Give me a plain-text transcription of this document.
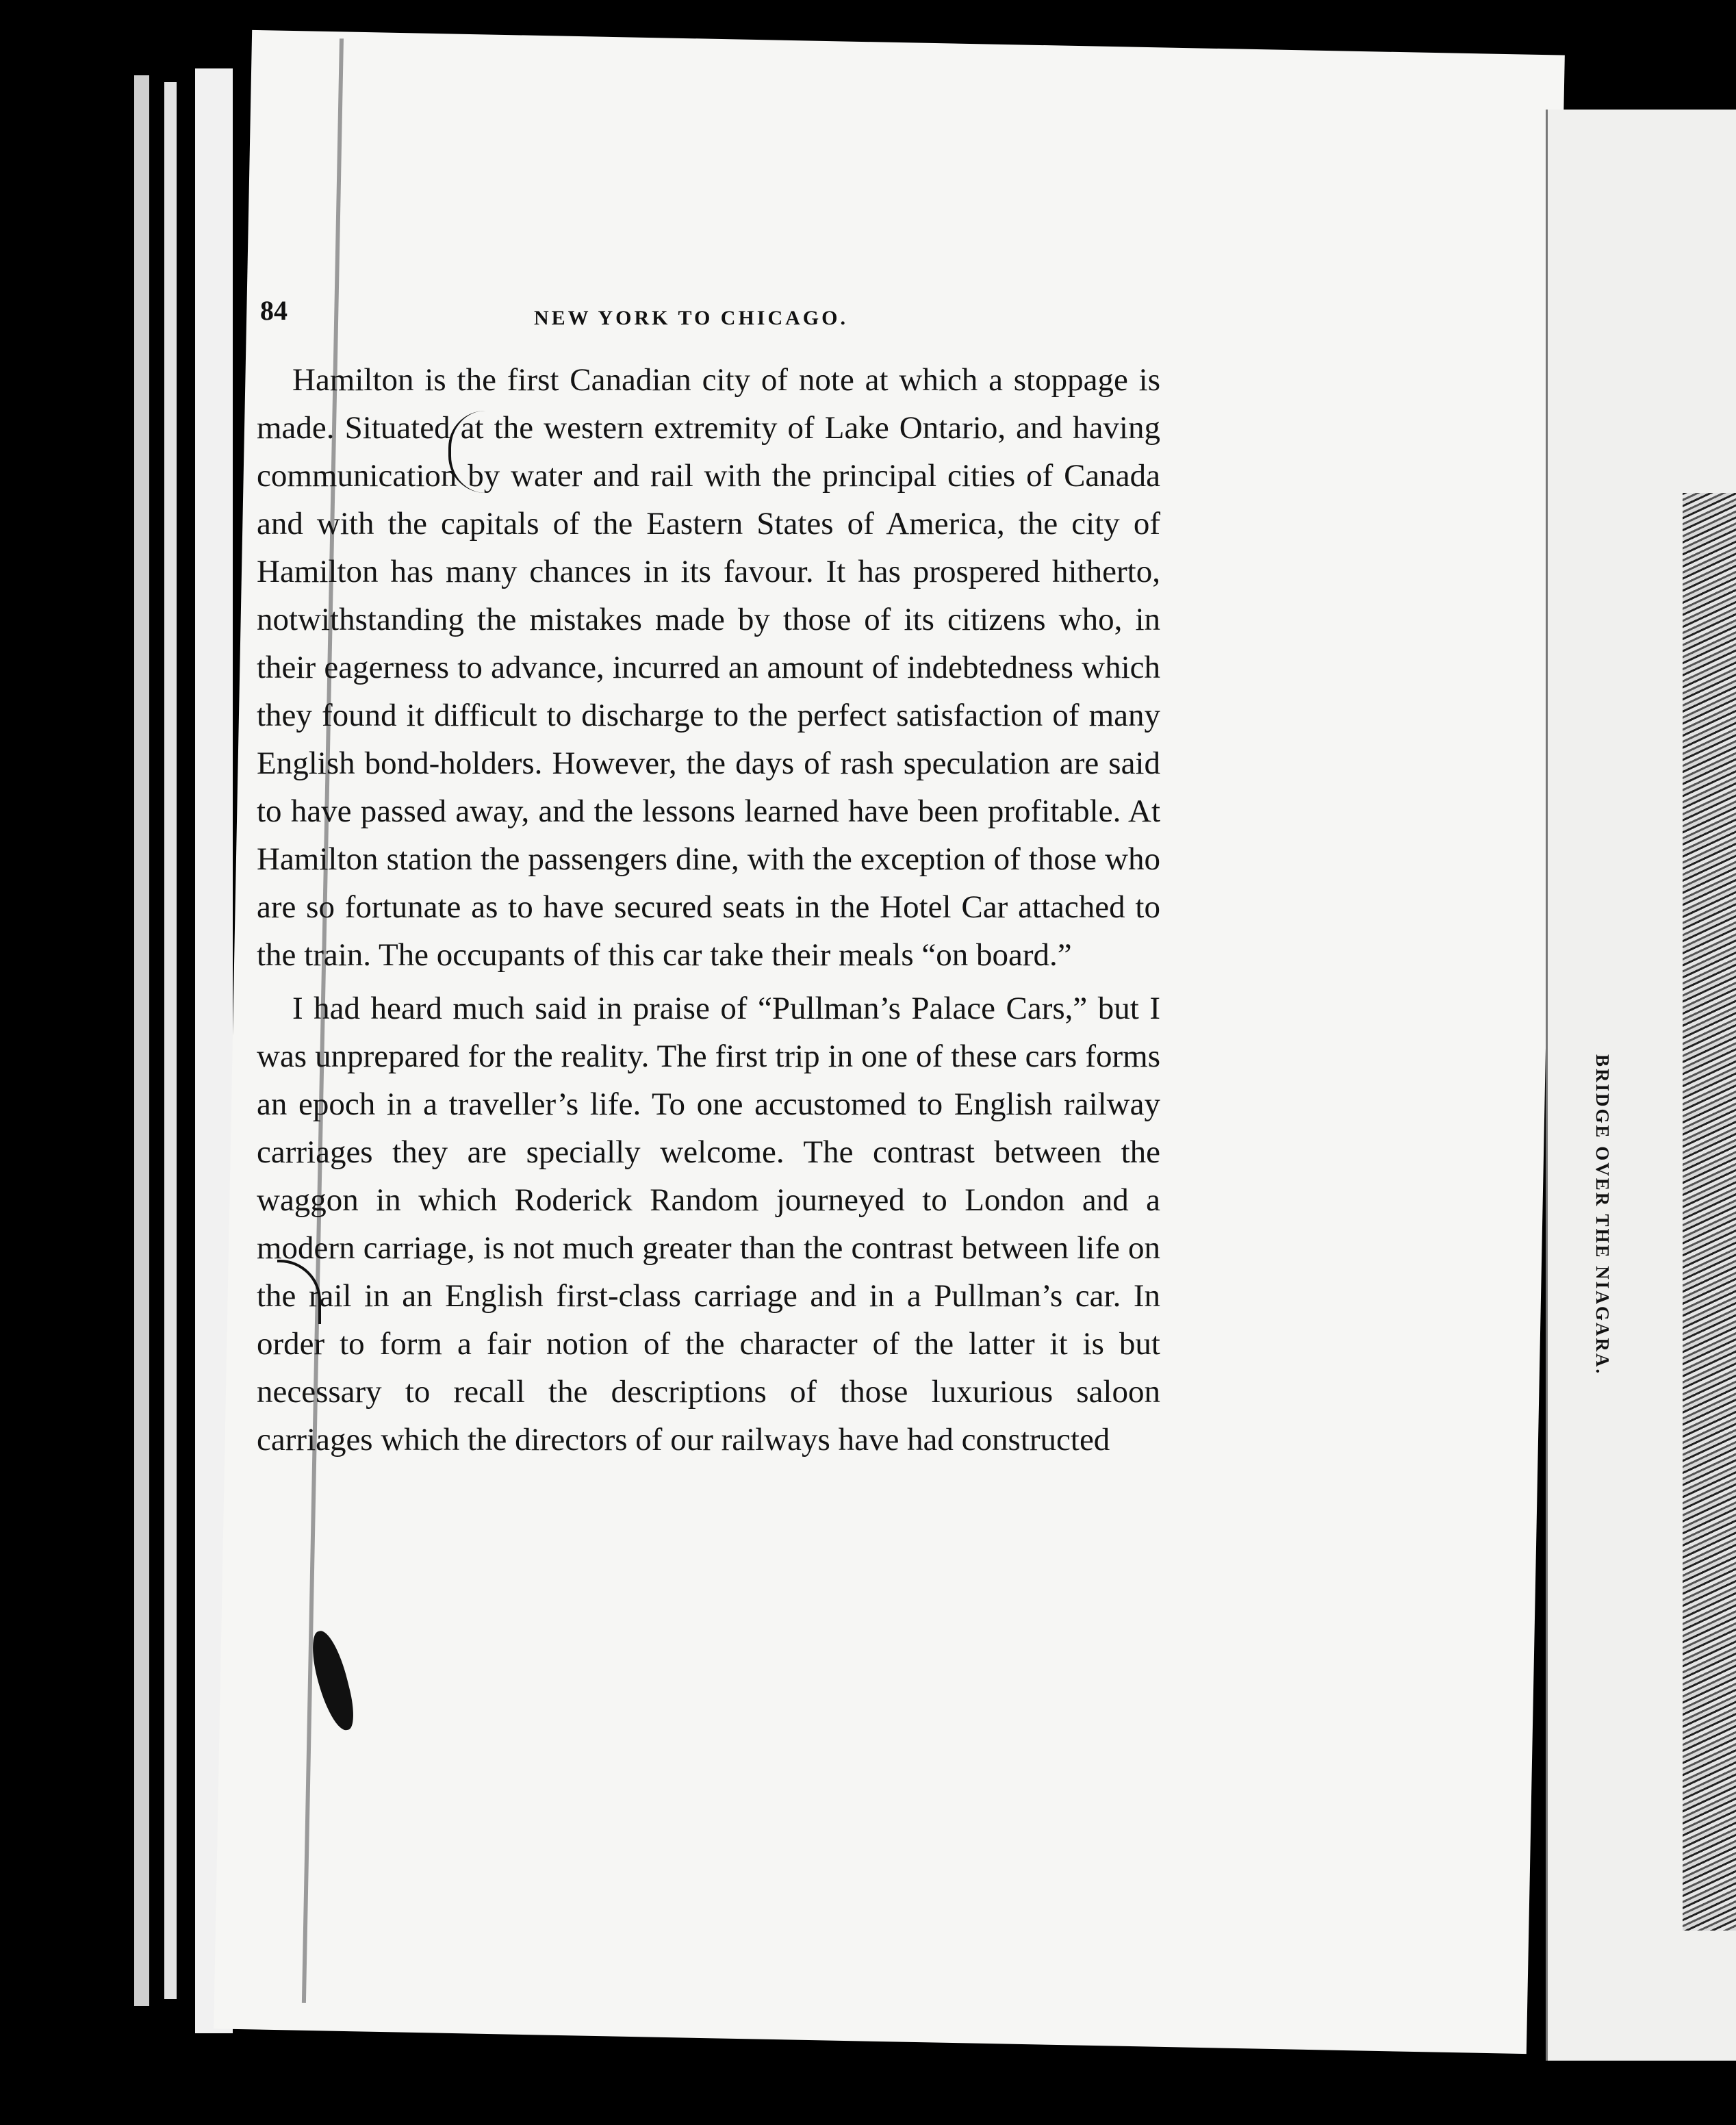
84	NEW YORK TO CHICAGO.

Hamilton is the first Canadian city of note at which a stoppage is made. Situated at the western extremity of Lake Ontario, and having communication by water and rail with the principal cities of Canada and with the capitals of the Eastern States of America, the city of Hamilton has many chances in its favour. It has prospered hitherto, notwithstanding the mistakes made by those of its citizens who, in their eagerness to advance, incurred an amount of indebtedness which they found it difficult to discharge to the perfect satisfaction of many English bond-holders. However, the days of rash speculation are said to have passed away, and the lessons learned have been profitable. At Hamilton station the passengers dine, with the exception of those who are so fortunate as to have secured seats in the Hotel Car attached to the train. The occupants of this car take their meals “on board.”

I had heard much said in praise of “Pullman’s Palace Cars,” but I was unprepared for the reality. The first trip in one of these cars forms an epoch in a traveller’s life. To one accustomed to English railway carriages they are specially welcome. The contrast between the waggon in which Roderick Random journeyed to London and a modern carriage, is not much greater than the contrast between life on the rail in an English first-class carriage and in a Pullman’s car. In order to form a fair notion of the character of the latter it is but necessary to recall the descriptions of those luxurious saloon carriages which the directors of our railways have had constructed

BRIDGE OVER THE NIAGARA.
